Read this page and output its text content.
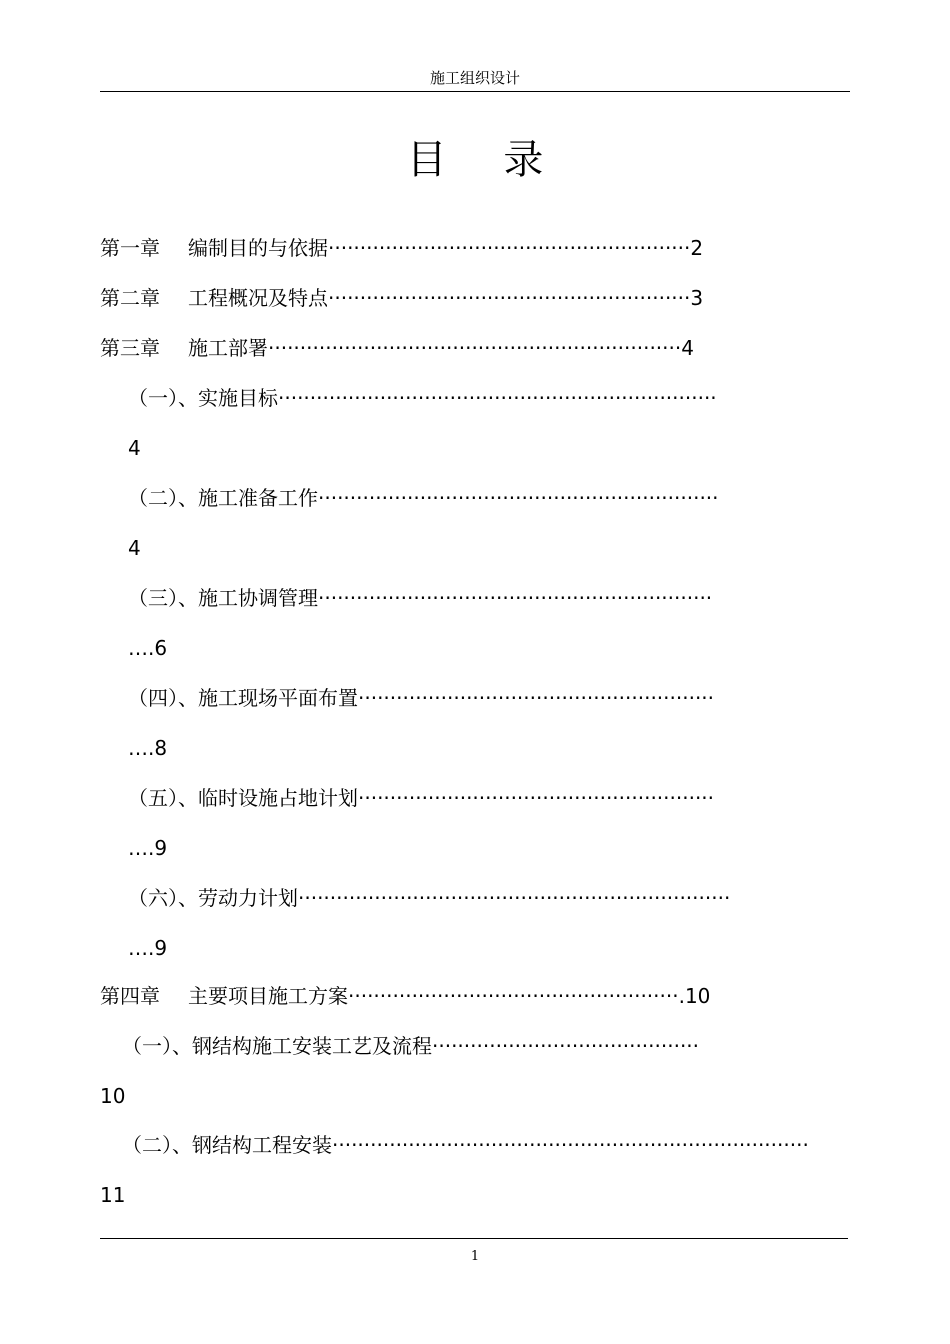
施工组织设计
目 录
第一章 编制目的与依据·························································2
第二章 工程概况及特点·························································3
第三章 施工部署·································································4
（一）、实施目标·····································································
4
（二）、施工准备工作·······························································
4
（三）、施工协调管理······························································
….6
（四）、施工现场平面布置························································
….8
（五）、临时设施占地计划························································
….9
（六）、劳动力计划····································································
….9
第四章 主要项目施工方案····················································.10
（一）、钢结构施工安装工艺及流程··········································
10
（二）、钢结构工程安装···········································································
11
1
